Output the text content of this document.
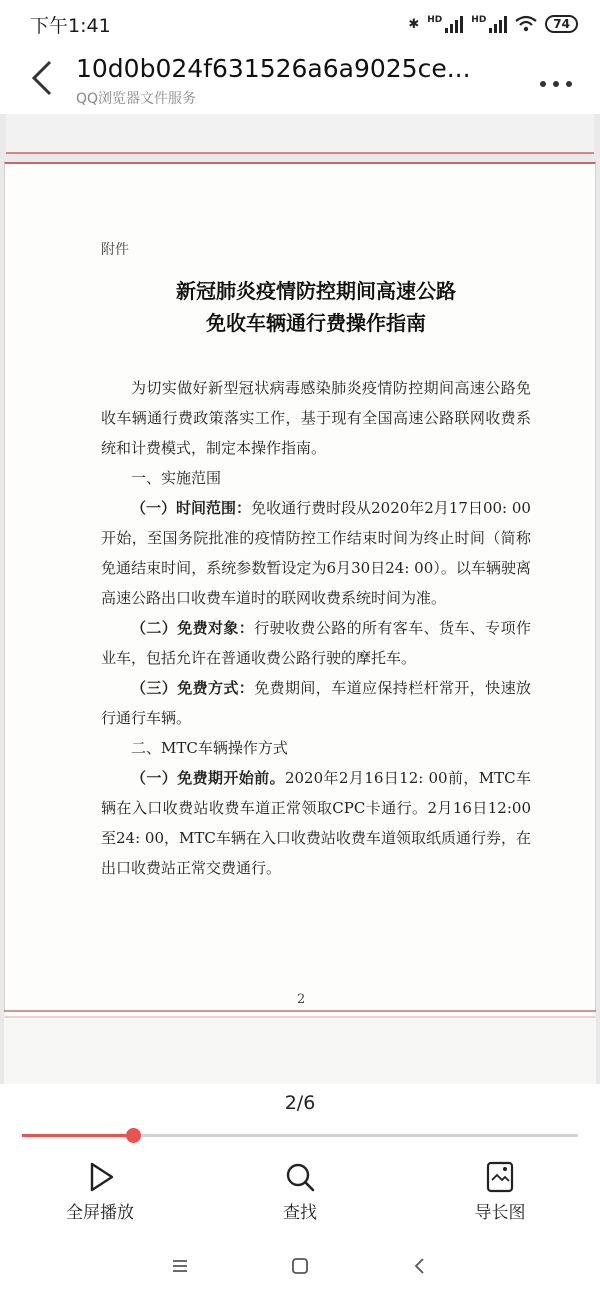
下午1:41	✱ HD	HD	74
10d0b024f631526a6a9025ce...
QQ浏览器文件服务
附件
新冠肺炎疫情防控期间高速公路
免收车辆通行费操作指南

为切实做好新型冠状病毒感染肺炎疫情防控期间高速公路免收车辆通行费政策落实工作，基于现有全国高速公路联网收费系统和计费模式，制定本操作指南。

一、实施范围

（一）时间范围：免收通行费时段从2020年2月17日00: 00开始，至国务院批准的疫情防控工作结束时间为终止时间（简称免通结束时间，系统参数暂设定为6月30日24: 00）。以车辆驶离高速公路出口收费车道时的联网收费系统时间为准。

（二）免费对象：行驶收费公路的所有客车、货车、专项作业车，包括允许在普通收费公路行驶的摩托车。

（三）免费方式：免费期间，车道应保持栏杆常开，快速放行通行车辆。

二、MTC车辆操作方式

（一）免费期开始前。2020年2月16日12: 00前，MTC车辆在入口收费站收费车道正常领取CPC卡通行。2月16日12:00至24: 00，MTC车辆在入口收费站收费车道领取纸质通行券，在出口收费站正常交费通行。

2
2/6
全屏播放	查找	导长图
